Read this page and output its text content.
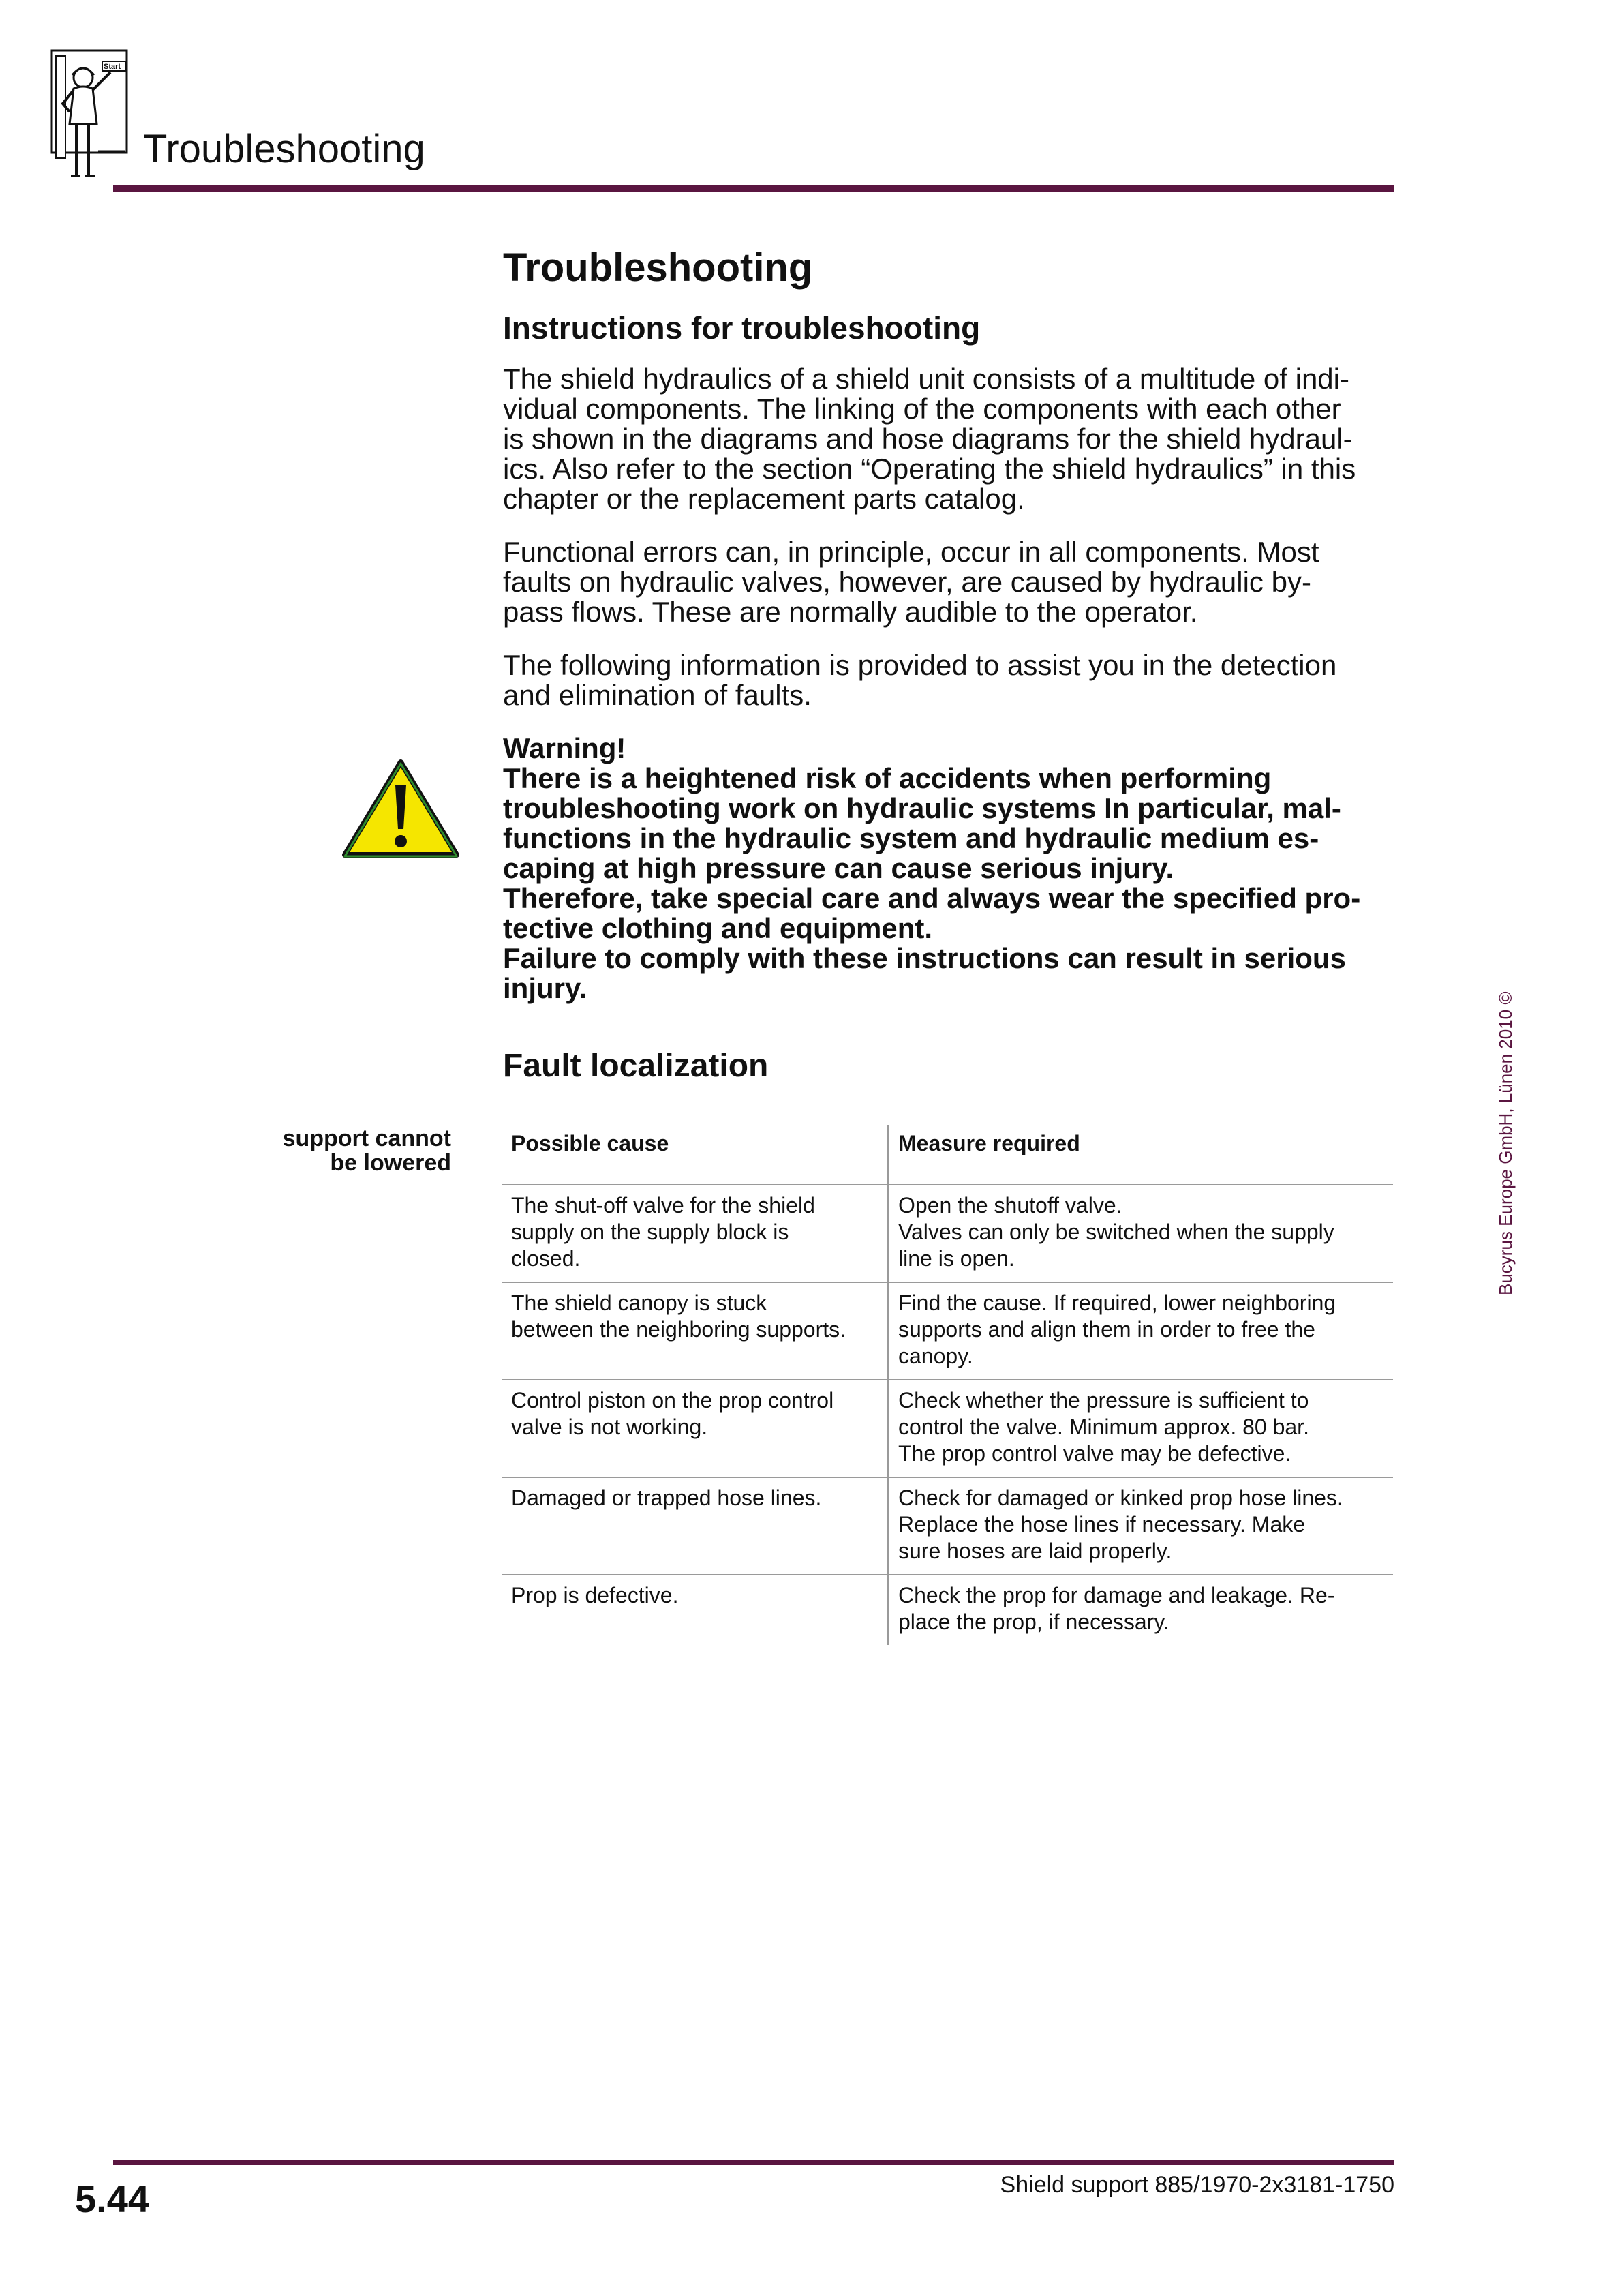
Start
Troubleshooting
Troubleshooting
Instructions for troubleshooting

The shield hydraulics of a shield unit consists of a multitude of indi-
vidual components. The linking of the components with each other
is shown in the diagrams and hose diagrams for the shield hydraul-
ics. Also refer to the section “Operating the shield hydraulics” in this
chapter or the replacement parts catalog.

Functional errors can, in principle, occur in all components. Most
faults on hydraulic valves, however, are caused by hydraulic by-
pass flows. These are normally audible to the operator.

The following information is provided to assist you in the detection
and elimination of faults.

Warning!
There is a heightened risk of accidents when performing
troubleshooting work on hydraulic systems In particular, mal-
functions in the hydraulic system and hydraulic medium es-
caping at high pressure can cause serious injury.
Therefore, take special care and always wear the specified pro-
tective clothing and equipment.
Failure to comply with these instructions can result in serious
injury.
Fault localization
support cannot
be lowered
Possible cause	Measure required

The shut-off valve for the shield
supply on the supply block is
closed.	Open the shutoff valve.
Valves can only be switched when the supply
line is open.

The shield canopy is stuck
between the neighboring supports.	Find the cause. If required, lower neighboring
supports and align them in order to free the
canopy.

Control piston on the prop control
valve is not working.	Check whether the pressure is sufficient to
control the valve. Minimum approx. 80 bar.
The prop control valve may be defective.

Damaged or trapped hose lines.	Check for damaged or kinked prop hose lines.
Replace the hose lines if necessary. Make
sure hoses are laid properly.

Prop is defective.	Check the prop for damage and leakage. Re-
place the prop, if necessary.
Bucyrus Europe GmbH, Lünen 2010 ©
5.44	Shield support 885/1970-2x3181-1750
